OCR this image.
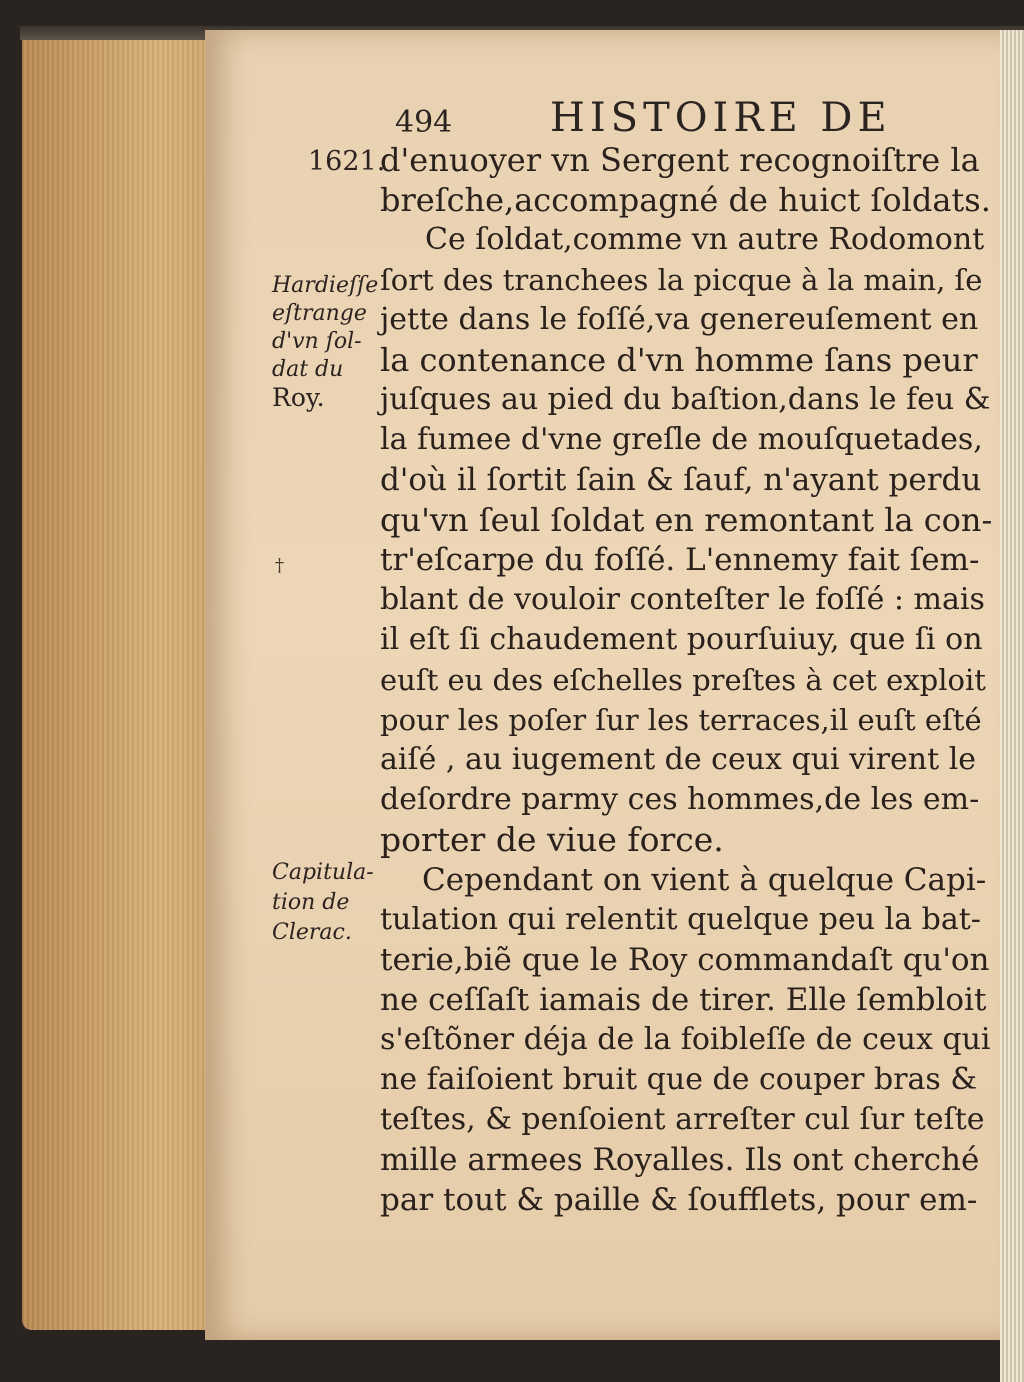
494 HISTOIRE DE
1621.
Hardieſſe
eſtrange
d'vn ſol-
dat du
Roy.
†
Capitula-
tion de
Clerac.
d'enuoyer vn Sergent recognoiſtre la
breſche,accompagné de huict ſoldats.
Ce ſoldat,comme vn autre Rodomont
ſort des tranchees la picque à la main, ſe
jette dans le foſſé,va genereuſement en
la contenance d'vn homme ſans peur
juſques au pied du baſtion,dans le feu &
la fumee d'vne greſle de mouſquetades,
d'où il ſortit ſain & ſauf, n'ayant perdu
qu'vn ſeul ſoldat en remontant la con-
tr'eſcarpe du foſſé. L'ennemy fait ſem-
blant de vouloir conteſter le foſſé : mais
il eſt ſi chaudement pourſuiuy, que ſi on
euſt eu des eſchelles preſtes à cet exploit
pour les poſer ſur les terraces,il euſt eſté
aiſé , au iugement de ceux qui virent le
deſordre parmy ces hommes,de les em-
porter de viue force.
Cependant on vient à quelque Capi-
tulation qui relentit quelque peu la bat-
terie,biẽ que le Roy commandaſt qu'on
ne ceſſaſt iamais de tirer. Elle ſembloit
s'eſtõner déja de la foibleſſe de ceux qui
ne faiſoient bruit que de couper bras &
teſtes, & penſoient arreſter cul ſur teſte
mille armees Royalles. Ils ont cherché
par tout & paille & ſoufflets, pour em-
